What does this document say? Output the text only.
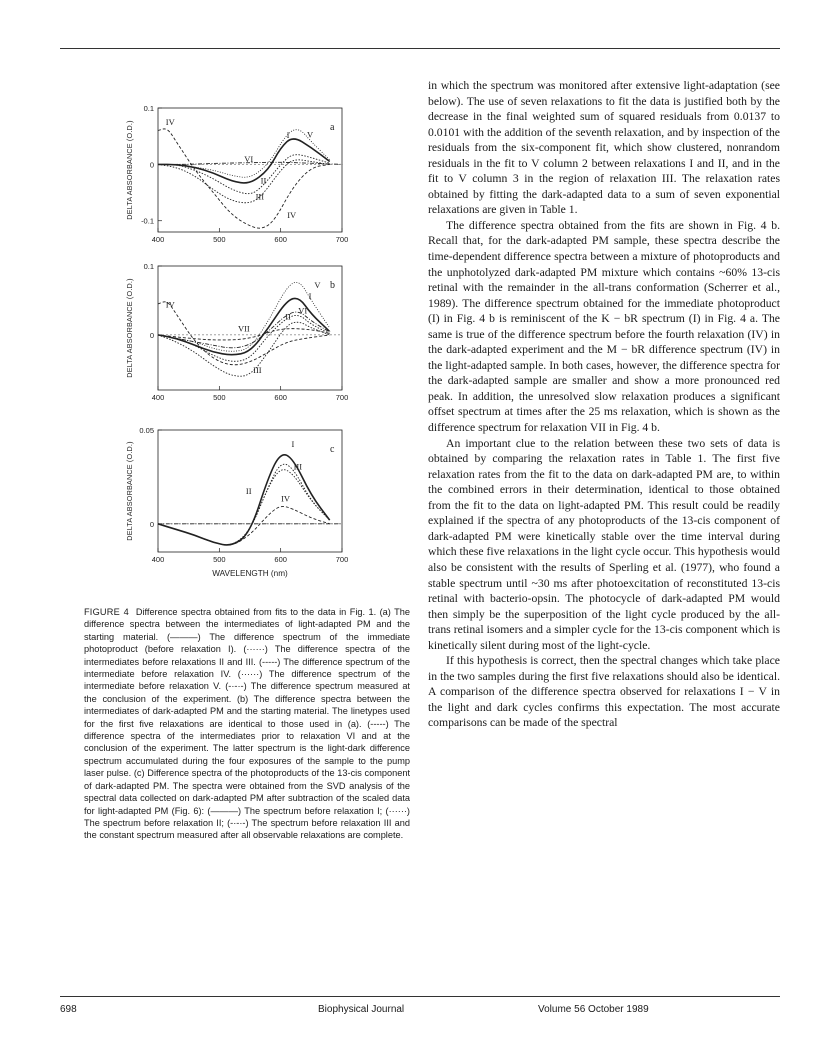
400	500	600	700
0.1
0
-0.1
DELTA ABSORBANCE (O.D.)	IV
I V
VI
II
III
IV
a
400	500	600	700
0.1
0
DELTA ABSORBANCE (O.D.)	IV
V
I
VI
II
VII
III
b
400	500	600	700
0.05
0
DELTA ABSORBANCE (O.D.)	I
III
II
IV
c
WAVELENGTH (nm)

FIGURE 4 Difference spectra obtained from fits to the data in Fig. 1. (a) The difference spectra between the intermediates of light-adapted PM and the starting material. (———) The difference spectrum of the immediate photoproduct (before relaxation I). (······) The difference spectra of the intermediates before relaxations II and III. (-----) The difference spectrum of the intermediate before relaxation IV. (······) The difference spectrum of the intermediate before relaxation V. (-·-·-) The difference spectrum measured at the conclusion of the experiment. (b) The difference spectra between the intermediates of dark-adapted PM and the starting material. The linetypes used for the first five relaxations are identical to those used in (a). (-----) The difference spectra of the intermediates prior to relaxation VI and at the conclusion of the experiment. The latter spectrum is the light-dark difference spectrum accumulated during the four exposures of the sample to the pump laser pulse. (c) Difference spectra of the photoproducts of the 13-cis component of dark-adapted PM. The spectra were obtained from the SVD analysis of the spectral data collected on dark-adapted PM after subtraction of the scaled data for light-adapted PM (Fig. 6): (———) The spectrum before relaxation I; (······) The spectrum before relaxation II; (-·-·-) The spectrum before relaxation III and the constant spectrum measured after all observable relaxations are complete.

in which the spectrum was monitored after extensive light-adaptation (see below). The use of seven relaxations to fit the data is justified both by the decrease in the final weighted sum of squared residuals from 0.0137 to 0.0101 with the addition of the seventh relaxation, and by inspection of the residuals from the six-component fit, which show clustered, nonrandom residuals in the fit to V column 2 between relaxations I and II, and in the fit to V column 3 in the region of relaxation III. The relaxation rates obtained by fitting the dark-adapted data to a sum of seven exponential relaxations are given in Table 1.

The difference spectra obtained from the fits are shown in Fig. 4 b. Recall that, for the dark-adapted PM sample, these spectra describe the time-dependent difference spectra between a mixture of photoproducts and the unphotolyzed dark-adapted PM mixture which contains ~60% 13-cis retinal with the remainder in the all-trans conformation (Scherrer et al., 1989). The difference spectrum obtained for the immediate photoproduct (I) in Fig. 4 b is reminiscent of the K − bR spectrum (I) in Fig. 4 a. The same is true of the difference spectrum before the fourth relaxation (IV) in the dark-adapted experiment and the M − bR difference spectrum (IV) in the light-adapted sample. In both cases, however, the difference spectra for the dark-adapted sample are smaller and show a more pronounced red peak. In addition, the unresolved slow relaxation produces a significant offset spectrum at times after the 25 ms relaxation, which is shown as the difference spectrum for relaxation VII in Fig. 4 b.

An important clue to the relation between these two sets of data is obtained by comparing the relaxation rates in Table 1. The first five relaxation rates from the fit to the data on dark-adapted PM are, to within the combined errors in their determination, identical to those obtained from the fit to the data on light-adapted PM. This result could be readily explained if the spectra of any photoproducts of the 13-cis component of dark-adapted PM were kinetically stable over the time interval during which these five relaxations in the light cycle occur. This hypothesis would also be consistent with the results of Sperling et al. (1977), who found a stable spectrum until ~30 ms after photoexcitation of reconstituted 13-cis retinal with bacterio-opsin. The photocycle of dark-adapted PM would then simply be the superposition of the light cycle produced by the all-trans retinal isomers and a simpler cycle for the 13-cis component which is kinetically silent during most of the light-cycle.

If this hypothesis is correct, then the spectral changes which take place in the two samples during the first five relaxations should also be identical. A comparison of the difference spectra observed for relaxations I − V in the light and dark cycles confirms this expectation. The most accurate comparisons can be made of the spectral

698	Biophysical Journal	Volume 56 October 1989
